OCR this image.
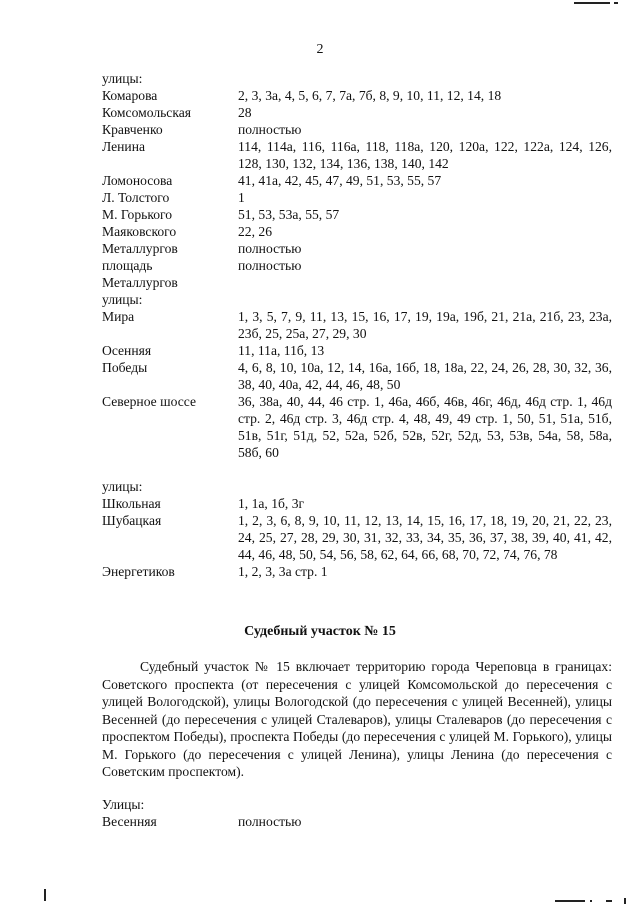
2
улицы:
Комарова	2, 3, 3а, 4, 5, 6, 7, 7а, 7б, 8, 9, 10, 11, 12, 14, 18
Комсомольская	28
Кравченко	полностью
Ленина	114, 114а, 116, 116а, 118, 118а, 120, 120а, 122, 122а, 124, 126, 128, 130, 132, 134, 136, 138, 140, 142
Ломоносова	41, 41а, 42, 45, 47, 49, 51, 53, 55, 57
Л. Толстого	1
М. Горького	51, 53, 53а, 55, 57
Маяковского	22, 26
Металлургов	полностью
площадь	полностью
Металлургов
улицы:
Мира	1, 3, 5, 7, 9, 11, 13, 15, 16, 17, 19, 19а, 19б, 21, 21а, 21б, 23, 23а, 23б, 25, 25а, 27, 29, 30
Осенняя	11, 11а, 11б, 13
Победы	4, 6, 8, 10, 10а, 12, 14, 16а, 16б, 18, 18а, 22, 24, 26, 28, 30, 32, 36, 38, 40, 40а, 42, 44, 46, 48, 50
Северное шоссе	36, 38а, 40, 44, 46 стр. 1, 46а, 46б, 46в, 46г, 46д, 46д стр. 1, 46д стр. 2, 46д стр. 3, 46д стр. 4, 48, 49, 49 стр. 1, 50, 51, 51а, 51б, 51в, 51г, 51д, 52, 52а, 52б, 52в, 52г, 52д, 53, 53в, 54а, 58, 58а, 58б, 60
улицы:
Школьная	1, 1а, 1б, 3г
Шубацкая	1, 2, 3, 6, 8, 9, 10, 11, 12, 13, 14, 15, 16, 17, 18, 19, 20, 21, 22, 23, 24, 25, 27, 28, 29, 30, 31, 32, 33, 34, 35, 36, 37, 38, 39, 40, 41, 42, 44, 46, 48, 50, 54, 56, 58, 62, 64, 66, 68, 70, 72, 74, 76, 78
Энергетиков	1, 2, 3, 3а стр. 1
Судебный участок № 15
Судебный участок № 15 включает территорию города Череповца в границах: Советского проспекта (от пересечения с улицей Комсомольской до пересечения с улицей Вологодской), улицы Вологодской (до пересечения с улицей Весенней), улицы Весенней (до пересечения с улицей Сталеваров), улицы Сталеваров (до пересечения с проспектом Победы), проспекта Победы (до пересечения с улицей М. Горького), улицы М. Горького (до пересечения с улицей Ленина), улицы Ленина (до пересечения с Советским проспектом).
Улицы:
Весенняя	полностью
